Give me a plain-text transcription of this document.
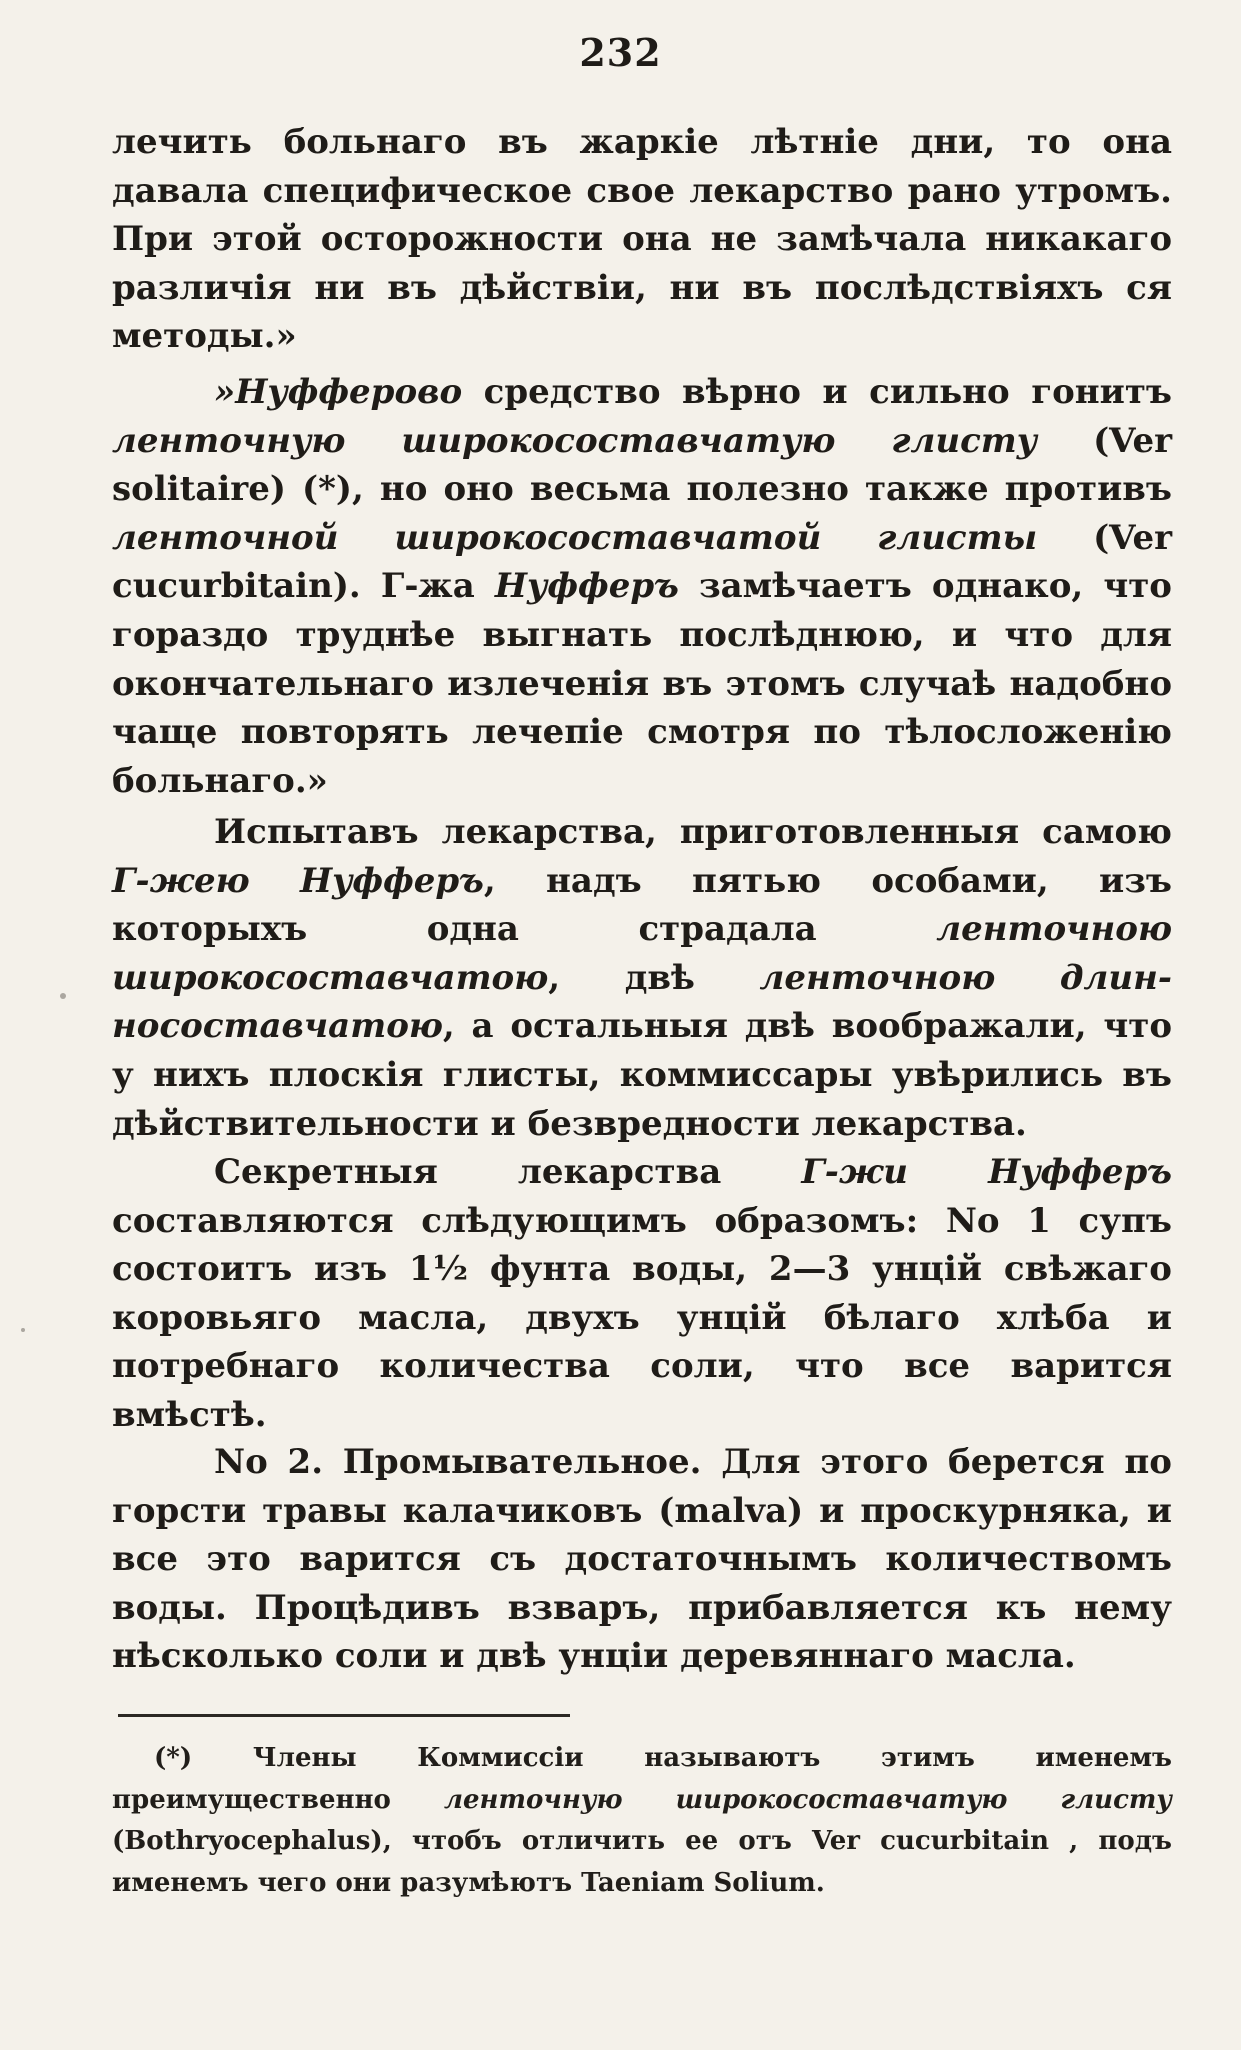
232
лечить больнаго въ жаркіе лѣтніе дни, то она давала специфическое свое лекарство рано утромъ. При этой осторожности она не замѣчала никакаго различія ни въ дѣйствіи, ни въ послѣдствіяхъ ся методы.»
»Нуфферово средство вѣрно и сильно гонитъ ленточную широкосоставчатую глисту (Ver solitaire) (*), но оно весьма полезно также противъ ленточной широкосоставчатой глисты (Ver cucurbitain). Г-жа Нуфферъ замѣчаетъ однако, что гораздо труднѣе выгнать послѣднюю, и что для окончательнаго излеченія въ этомъ случаѣ надобно чаще повторять лечепіе смотря по тѣлосложенію больнаго.»
Испытавъ лекарства, приготовленныя самою Г-жею Нуфферъ, надъ пятью особами, изъ которыхъ одна страдала ленточною широкосоставчатою, двѣ ленточною длинносоставчатою, а остальныя двѣ воображали, что у нихъ плоскія глисты, коммиссары увѣрились въ дѣйствительности и безвредности лекарства.
Секретныя лекарства Г-жи Нуфферъ составляются слѣдующимъ образомъ: No 1 супъ состоитъ изъ 1½ фунта воды, 2—3 унцій свѣжаго коровьяго масла, двухъ унцій бѣлаго хлѣба и потребнаго количества соли, что все варится вмѣстѣ.
No 2. Промывательное. Для этого берется по горсти травы калачиковъ (malva) и проскурняка, и все это варится съ достаточнымъ количествомъ воды. Процѣдивъ взваръ, прибавляется къ нему нѣсколько соли и двѣ унціи деревяннаго масла.
(*) Члены Коммиссіи называютъ этимъ именемъ преимущественно ленточную широкосоставчатую глисту (Bothryocephalus), чтобъ отличить ее отъ Ver cucurbitain , подъ именемъ чего они разумѣютъ Taeniam Solium.
